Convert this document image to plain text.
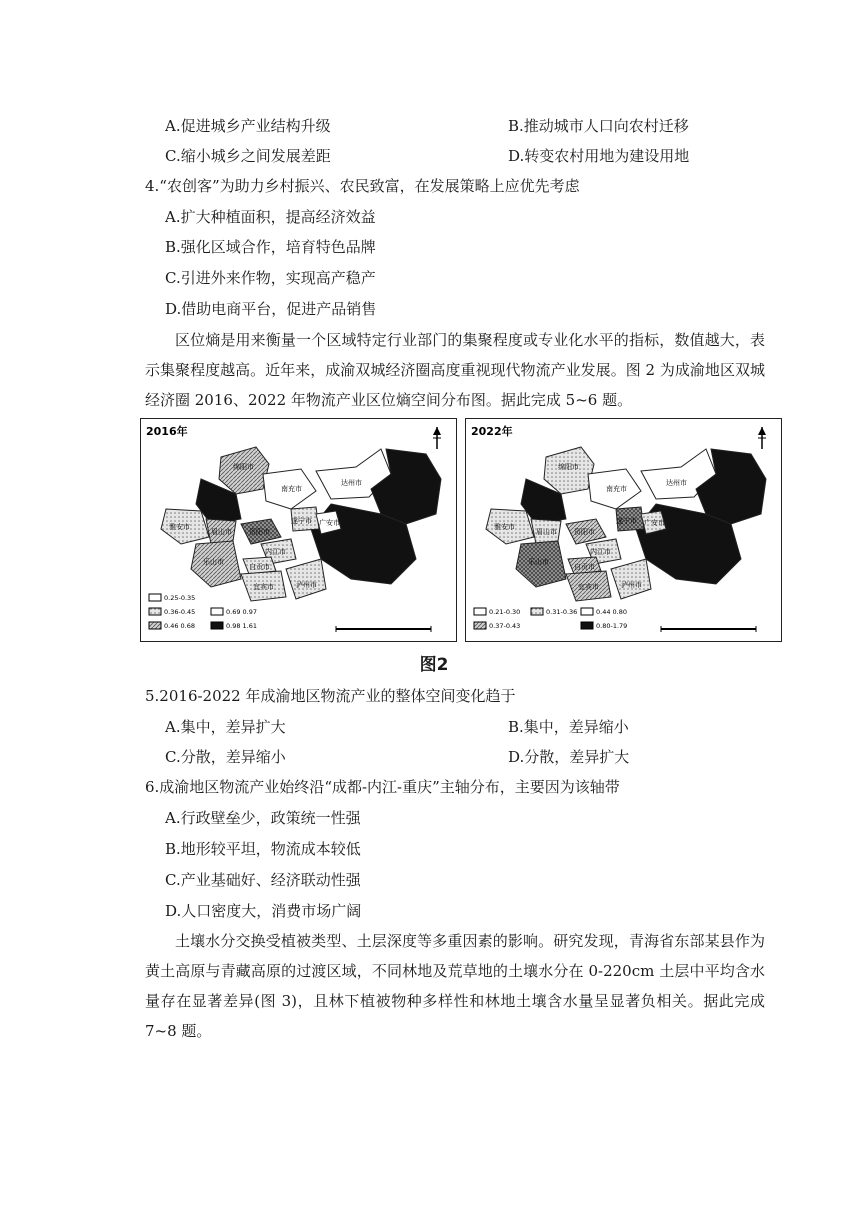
A.促进城乡产业结构升级	B.推动城市人口向农村迁移
C.缩小城乡之间发展差距	D.转变农村用地为建设用地
4.“农创客”为助力乡村振兴、农民致富，在发展策略上应优先考虑
A.扩大种植面积，提高经济效益
B.强化区域合作，培育特色品牌
C.引进外来作物，实现高产稳产
D.借助电商平台，促进产品销售
区位熵是用来衡量一个区域特定行业部门的集聚程度或专业化水平的指标，数值越大，表示集聚程度越高。近年来，成渝双城经济圈高度重视现代物流产业发展。图 2 为成渝地区双城经济圈 2016、2022 年物流产业区位熵空间分布图。据此完成 5~6 题。
2016年
绵阳市
南充市
达州市
遂宁市 广安市
雅安市
眉山市 资阳市
乐山市
内江市
自贡市
宜宾市	泸州市
0.25-0.35
0.36-0.45
0.46 0.68
0.69 0.97
0.98 1.61
2022年
绵阳市
南充市
达州市
遂宁市 广安市
雅安市
眉山市 资阳市
乐山市
内江市
自贡市
宜宾市	泸州市
0.21-0.30
0.37-0.43
0.31-0.36	0.44 0.80
0.80-1.79
图2
5.2016-2022 年成渝地区物流产业的整体空间变化趋于
A.集中，差异扩大	B.集中，差异缩小
C.分散，差异缩小	D.分散，差异扩大
6.成渝地区物流产业始终沿“成都-内江-重庆”主轴分布，主要因为该轴带
A.行政壁垒少，政策统一性强
B.地形较平坦，物流成本较低
C.产业基础好、经济联动性强
D.人口密度大，消费市场广阔
土壤水分交换受植被类型、土层深度等多重因素的影响。研究发现，青海省东部某县作为黄土高原与青藏高原的过渡区域，不同林地及荒草地的土壤水分在 0-220cm 土层中平均含水量存在显著差异(图 3)，且林下植被物种多样性和林地土壤含水量呈显著负相关。据此完成 7~8 题。
